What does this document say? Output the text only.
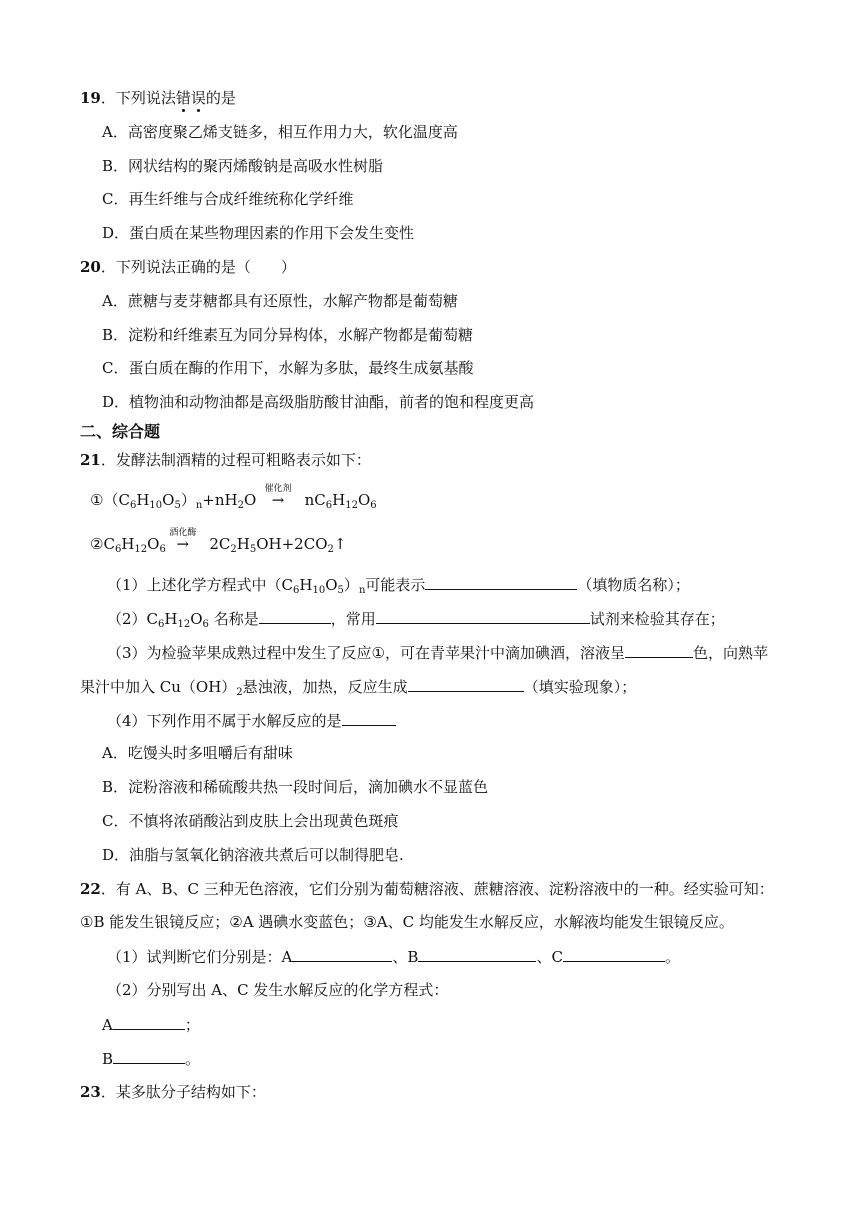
19．下列说法错误的是
A．高密度聚乙烯支链多，相互作用力大，软化温度高
B．网状结构的聚丙烯酸钠是高吸水性树脂
C．再生纤维与合成纤维统称化学纤维
D．蛋白质在某些物理因素的作用下会发生变性
20．下列说法正确的是（　　）
A．蔗糖与麦芽糖都具有还原性，水解产物都是葡萄糖
B．淀粉和纤维素互为同分异构体，水解产物都是葡萄糖
C．蛋白质在酶的作用下，水解为多肽，最终生成氨基酸
D．植物油和动物油都是高级脂肪酸甘油酯，前者的饱和程度更高
二、综合题
21．发酵法制酒精的过程可粗略表示如下：
$①(C_6H_{10}O_5)_n+nH_2O$
催化剂
→  $nC_6H_{12}O_6$
$②C_6H_{12}O_6$
酒化酶
→  $2C_2H_5OH+2CO_2↑$
（1）上述化学方程式中$(C_6H_{10}O_5)_n$可能表示	（填物质名称）；
$(2)C_6H_{12}O_6$ 名称是	，常用	试剂来检验其存在；
（3）为检验苹果成熟过程中发生了反应①，可在青苹果汁中滴加碘酒，溶液呈	色，向熟苹
果汁中加入 $Cu(OH)_2$悬浊液，加热，反应生成	（填实验现象）；
（4）下列作用不属于水解反应的是
A．吃馒头时多咀嚼后有甜味
B．淀粉溶液和稀硫酸共热一段时间后，滴加碘水不显蓝色
C．不慎将浓硝酸沾到皮肤上会出现黄色斑痕
D．油脂与氢氧化钠溶液共煮后可以制得肥皂.
22．有 A、B、C 三种无色溶液，它们分别为葡萄糖溶液、蔗糖溶液、淀粉溶液中的一种。经实验可知：
①B 能发生银镜反应；②A 遇碘水变蓝色；③A、C 均能发生水解反应，水解液均能发生银镜反应。
（1）试判断它们分别是：A	、B	、C	。
（2）分别写出 A、C 发生水解反应的化学方程式：
A	；
B	。
23．某多肽分子结构如下：
